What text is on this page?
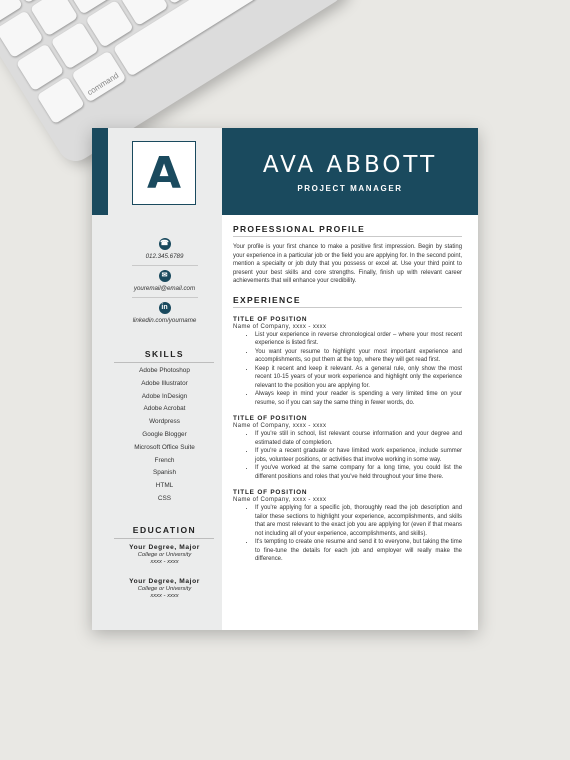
command
A	AVA ABBOTT
PROJECT MANAGER
☎
012.345.6789
✉
youremail@email.com
in
linkedin.com/yourname
SKILLS
Adobe Photoshop
Adobe Illustrator
Adobe InDesign
Adobe Acrobat
Wordpress
Google Blogger
Microsoft Office Suite
French
Spanish
HTML
CSS
EDUCATION
Your Degree, Major
College or University
xxxx - xxxx
Your Degree, Major
College or University
xxxx - xxxx
PROFESSIONAL PROFILE
Your profile is your first chance to make a positive first impression. Begin by stating your experience in a particular job or the field you are applying for. In the second point, mention a specialty or job duty that you possess or excel at. Use your third point to present your best skills and core strengths. Finally, finish up with relevant career achievements that will enhance your credibility.
EXPERIENCE
TITLE OF POSITION
Name of Company, xxxx - xxxx
• List your experience in reverse chronological order – where your most recent experience is listed first.
• You want your resume to highlight your most important experience and accomplishments, so put them at the top, where they will get read first.
• Keep it recent and keep it relevant. As a general rule, only show the most recent 10-15 years of your work experience and highlight only the experience relevant to the position you are applying for.
• Always keep in mind your reader is spending a very limited time on your resume, so if you can say the same thing in fewer words, do.
TITLE OF POSITION
Name of Company, xxxx - xxxx
• If you're still in school, list relevant course information and your degree and estimated date of completion.
• If you're a recent graduate or have limited work experience, include summer jobs, volunteer positions, or activities that involve working in some way.
• If you've worked at the same company for a long time, you could list the different positions and roles that you've held throughout your time there.
TITLE OF POSITION
Name of Company, xxxx - xxxx
• If you're applying for a specific job, thoroughly read the job description and tailor these sections to highlight your experience, accomplishments, and skills that are most relevant to the exact job you are applying for (even if that means not including all of your experience, accomplishments, and skills).
• It's tempting to create one resume and send it to everyone, but taking the time to fine-tune the details for each job and employer will really make the difference.
